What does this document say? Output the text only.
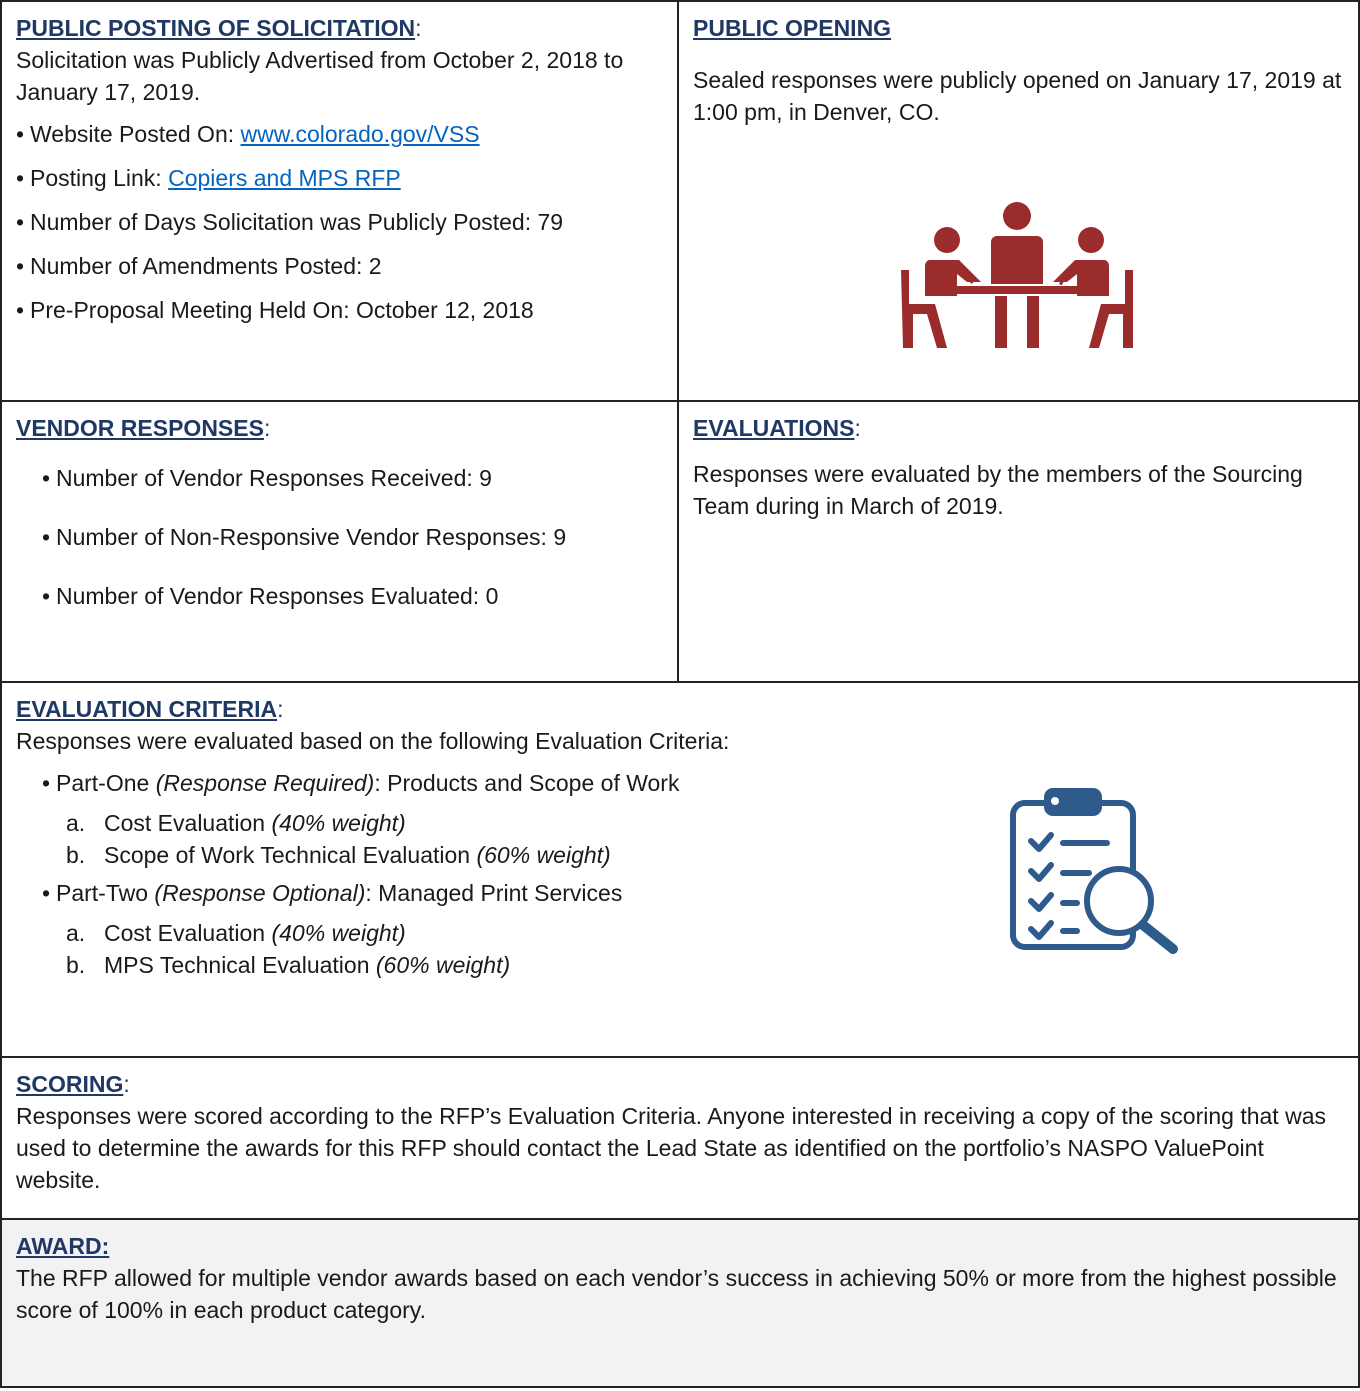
PUBLIC POSTING OF SOLICITATION:

Solicitation was Publicly Advertised from October 2, 2018 to January 17, 2019.

• Website Posted On: www.colorado.gov/VSS
• Posting Link: Copiers and MPS RFP
• Number of Days Solicitation was Publicly Posted: 79
• Number of Amendments Posted: 2
• Pre-Proposal Meeting Held On: October 12, 2018

PUBLIC OPENING

Sealed responses were publicly opened on January 17, 2019 at 1:00 pm, in Denver, CO.

VENDOR RESPONSES:

• Number of Vendor Responses Received: 9
• Number of Non-Responsive Vendor Responses: 9
• Number of Vendor Responses Evaluated: 0

EVALUATIONS:

Responses were evaluated by the members of the Sourcing Team during in March of 2019.

EVALUATION CRITERIA:

Responses were evaluated based on the following Evaluation Criteria:

• Part-One (Response Required): Products and Scope of Work

a. Cost Evaluation (40% weight)

b. Scope of Work Technical Evaluation (60% weight)

• Part-Two (Response Optional): Managed Print Services

a. Cost Evaluation (40% weight)

b. MPS Technical Evaluation (60% weight)

SCORING:

Responses were scored according to the RFP’s Evaluation Criteria. Anyone interested in receiving a copy of the scoring that was used to determine the awards for this RFP should contact the Lead State as identified on the portfolio’s NASPO ValuePoint website.

AWARD:

The RFP allowed for multiple vendor awards based on each vendor’s success in achieving 50% or more from the highest possible score of 100% in each product category.
